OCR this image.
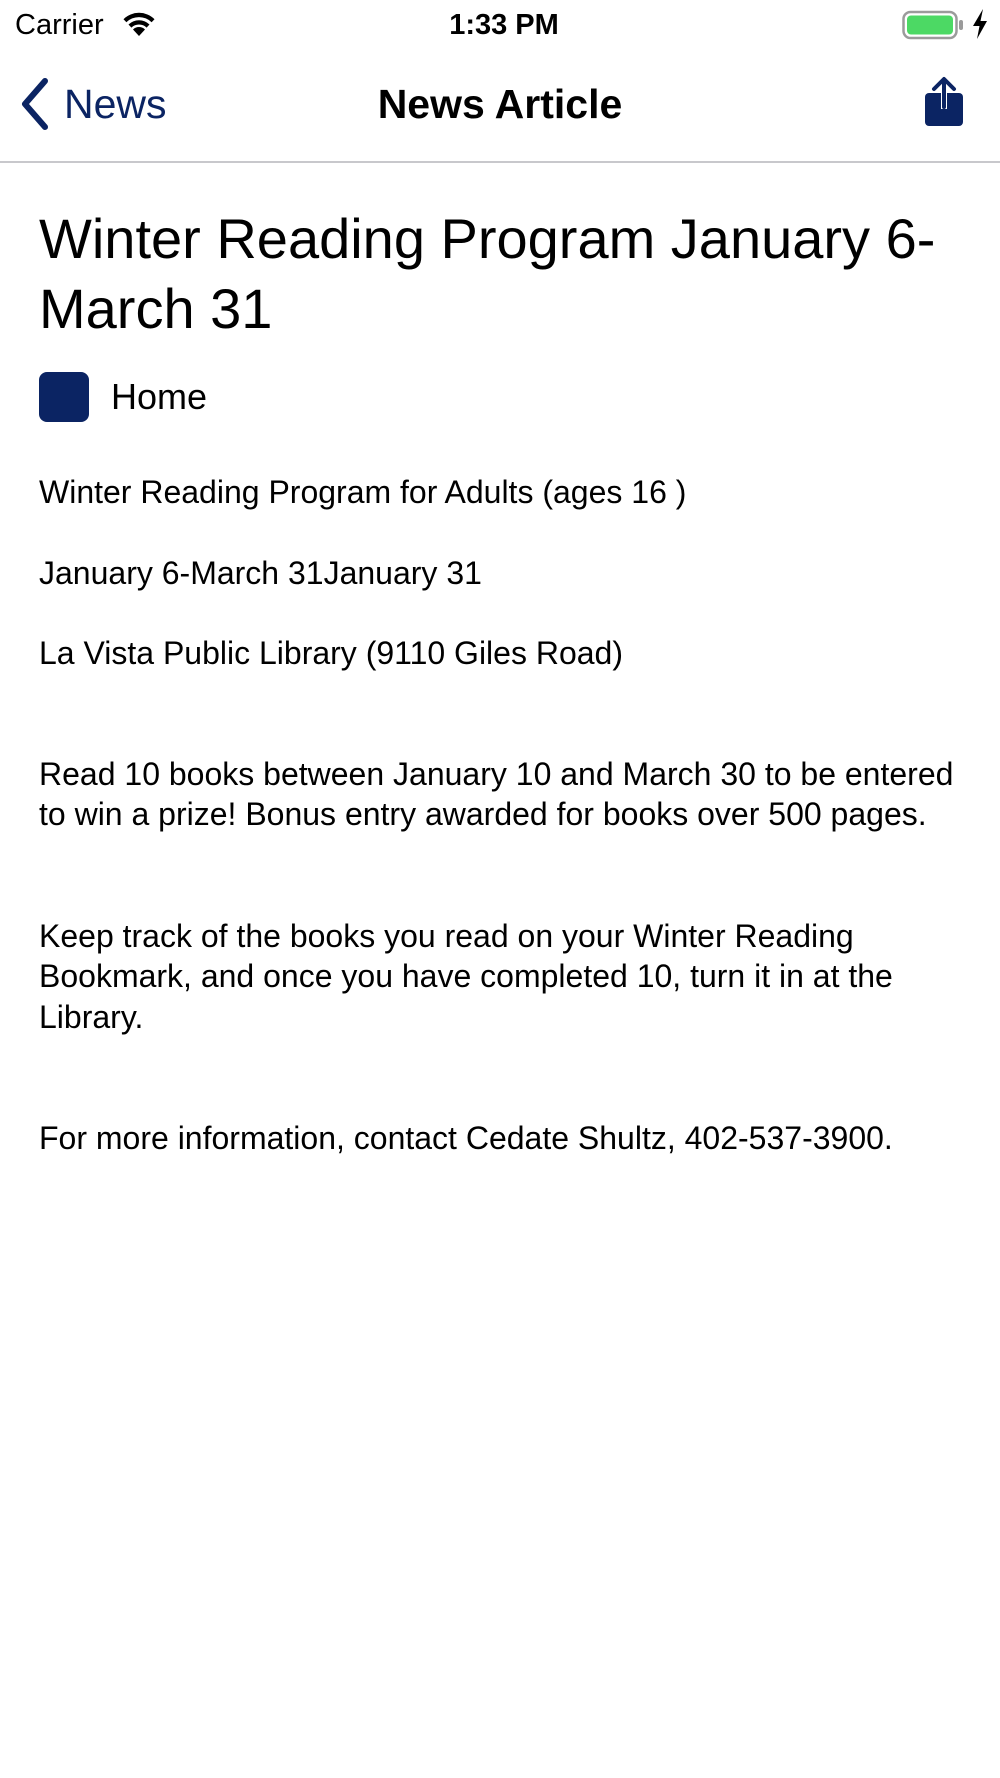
Carrier	1:33 PM
News	News Article
Winter Reading Program January 6-March 31
Home

Winter Reading Program for Adults (ages 16 )

January 6-March 31January 31

La Vista Public Library (9110 Giles Road)

Read 10 books between January 10 and March 30 to be entered to win a prize! Bonus entry awarded for books over 500 pages.

Keep track of the books you read on your Winter Reading Bookmark, and once you have completed 10, turn it in at the Library.

For more information, contact Cedate Shultz, 402-537-3900.
